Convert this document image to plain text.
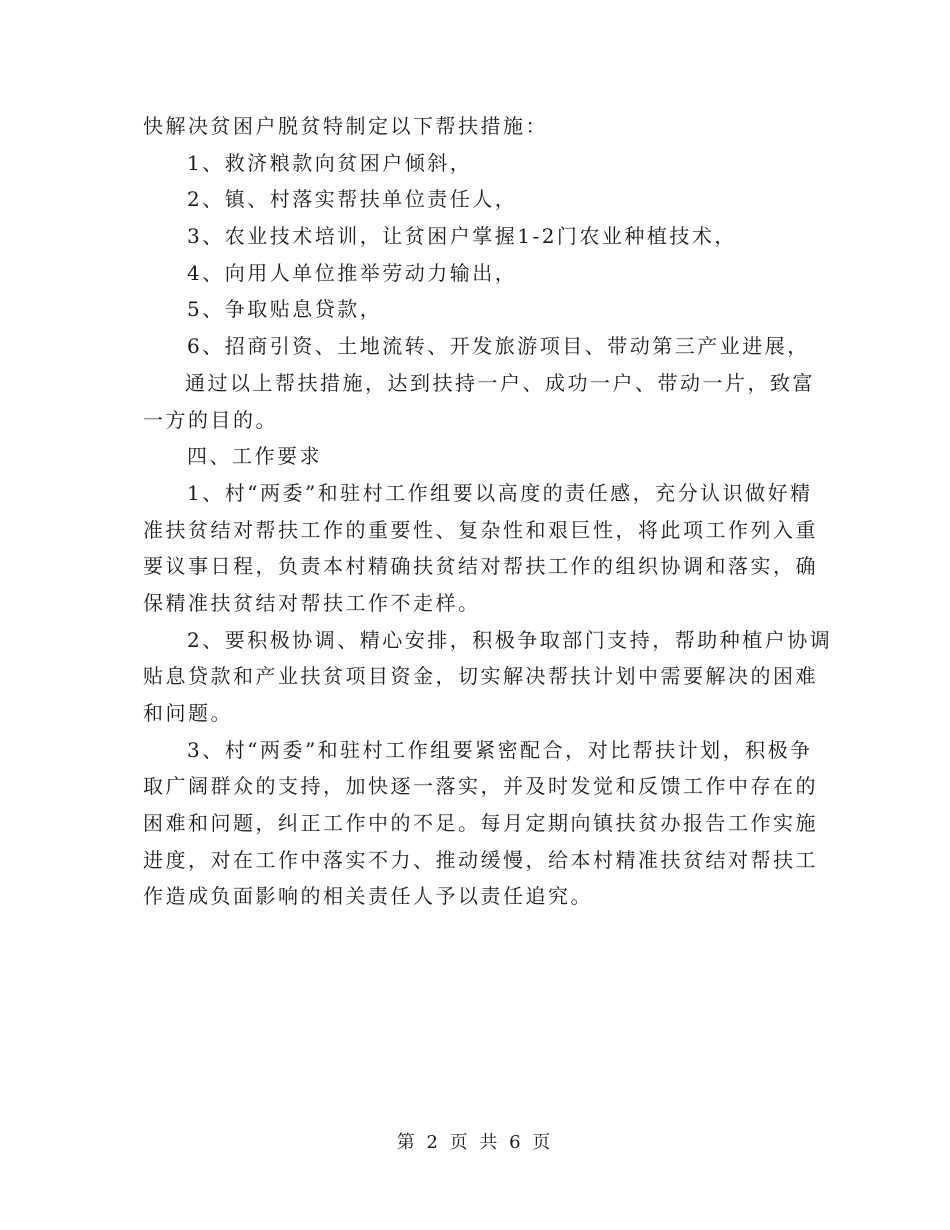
快解决贫困户脱贫特制定以下帮扶措施：
1、救济粮款向贫困户倾斜，
2、镇、村落实帮扶单位责任人，
3、农业技术培训，让贫困户掌握1-2门农业种植技术，
4、向用人单位推举劳动力输出，
5、争取贴息贷款，
6、招商引资、土地流转、开发旅游项目、带动第三产业进展，
通过以上帮扶措施，达到扶持一户、成功一户、带动一片，致富
一方的目的。
四、工作要求
1、村“两委”和驻村工作组要以高度的责任感，充分认识做好精
准扶贫结对帮扶工作的重要性、复杂性和艰巨性，将此项工作列入重
要议事日程，负责本村精确扶贫结对帮扶工作的组织协调和落实，确
保精准扶贫结对帮扶工作不走样。
2、要积极协调、精心安排，积极争取部门支持，帮助种植户协调
贴息贷款和产业扶贫项目资金，切实解决帮扶计划中需要解决的困难
和问题。
3、村“两委”和驻村工作组要紧密配合，对比帮扶计划，积极争
取广阔群众的支持，加快逐一落实，并及时发觉和反馈工作中存在的
困难和问题，纠正工作中的不足。每月定期向镇扶贫办报告工作实施
进度，对在工作中落实不力、推动缓慢，给本村精准扶贫结对帮扶工
作造成负面影响的相关责任人予以责任追究。
第 2 页 共 6 页
